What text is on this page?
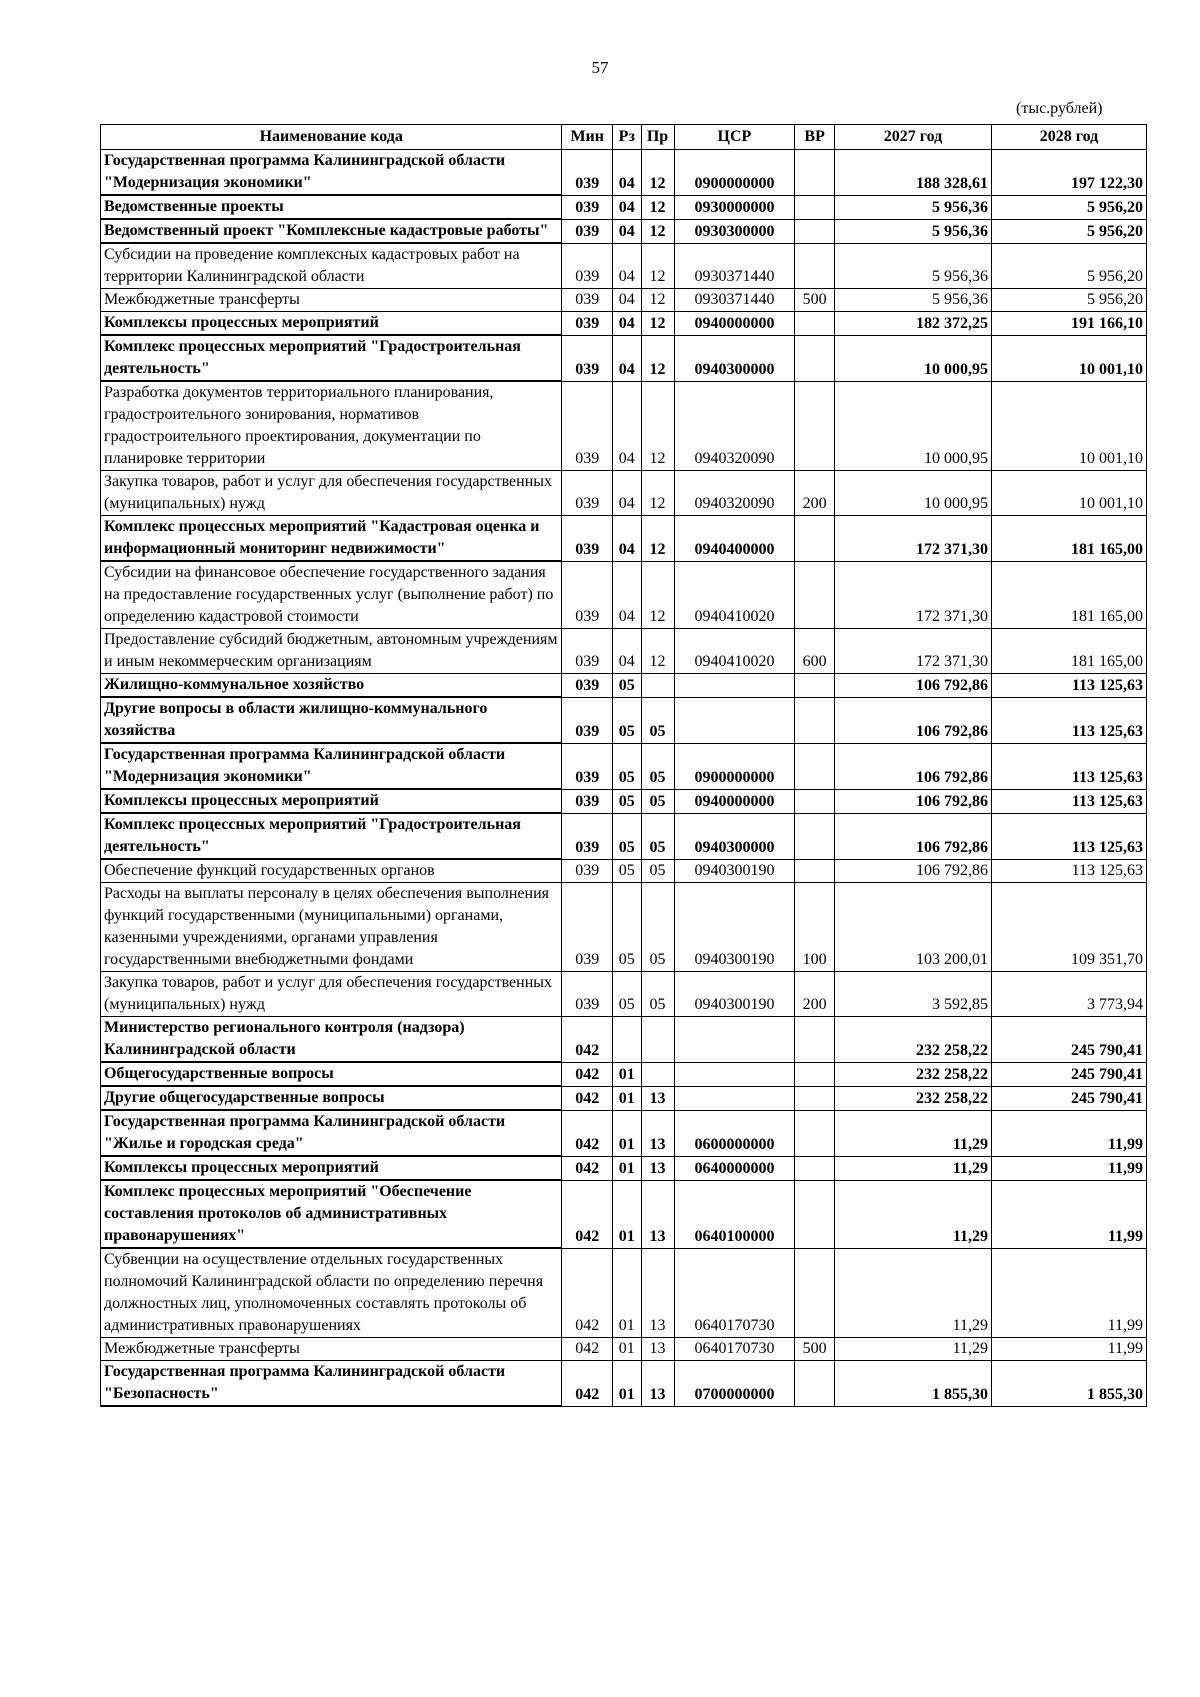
57
(тыс.рублей)
Наименование кода	Мин	Рз	Пр	ЦСР	ВР	2027 год	2028 год
Государственная программа Калининградской области "Модернизация экономики"	039	04	12	0900000000		188 328,61	197 122,30
Ведомственные проекты	039	04	12	0930000000		5 956,36	5 956,20
Ведомственный проект "Комплексные кадастровые работы"	039	04	12	0930300000		5 956,36	5 956,20
Субсидии на проведение комплексных кадастровых работ на территории Калининградской области	039	04	12	0930371440		5 956,36	5 956,20
Межбюджетные трансферты	039	04	12	0930371440	500	5 956,36	5 956,20
Комплексы процессных мероприятий	039	04	12	0940000000		182 372,25	191 166,10
Комплекс процессных мероприятий "Градостроительная деятельность"	039	04	12	0940300000		10 000,95	10 001,10
Разработка документов территориального планирования, градостроительного зонирования, нормативов градостроительного проектирования, документации по планировке территории	039	04	12	0940320090		10 000,95	10 001,10
Закупка товаров, работ и услуг для обеспечения государственных (муниципальных) нужд	039	04	12	0940320090	200	10 000,95	10 001,10
Комплекс процессных мероприятий "Кадастровая оценка и информационный мониторинг недвижимости"	039	04	12	0940400000		172 371,30	181 165,00
Субсидии на финансовое обеспечение государственного задания на предоставление государственных услуг (выполнение работ) по определению кадастровой стоимости	039	04	12	0940410020		172 371,30	181 165,00
Предоставление субсидий бюджетным, автономным учреждениям и иным некоммерческим организациям	039	04	12	0940410020	600	172 371,30	181 165,00
Жилищно-коммунальное хозяйство	039	05				106 792,86	113 125,63
Другие вопросы в области жилищно-коммунального хозяйства	039	05	05			106 792,86	113 125,63
Государственная программа Калининградской области "Модернизация экономики"	039	05	05	0900000000		106 792,86	113 125,63
Комплексы процессных мероприятий	039	05	05	0940000000		106 792,86	113 125,63
Комплекс процессных мероприятий "Градостроительная деятельность"	039	05	05	0940300000		106 792,86	113 125,63
Обеспечение функций государственных органов	039	05	05	0940300190		106 792,86	113 125,63
Расходы на выплаты персоналу в целях обеспечения выполнения функций государственными (муниципальными) органами, казенными учреждениями, органами управления государственными внебюджетными фондами	039	05	05	0940300190	100	103 200,01	109 351,70
Закупка товаров, работ и услуг для обеспечения государственных (муниципальных) нужд	039	05	05	0940300190	200	3 592,85	3 773,94
Министерство регионального контроля (надзора) Калининградской области	042					232 258,22	245 790,41
Общегосударственные вопросы	042	01				232 258,22	245 790,41
Другие общегосударственные вопросы	042	01	13			232 258,22	245 790,41
Государственная программа Калининградской области "Жилье и городская среда"	042	01	13	0600000000		11,29	11,99
Комплексы процессных мероприятий	042	01	13	0640000000		11,29	11,99
Комплекс процессных мероприятий "Обеспечение составления протоколов об административных правонарушениях"	042	01	13	0640100000		11,29	11,99
Субвенции на осуществление отдельных государственных полномочий Калининградской области по определению перечня должностных лиц, уполномоченных составлять протоколы об административных правонарушениях	042	01	13	0640170730		11,29	11,99
Межбюджетные трансферты	042	01	13	0640170730	500	11,29	11,99
Государственная программа Калининградской области "Безопасность"	042	01	13	0700000000		1 855,30	1 855,30
